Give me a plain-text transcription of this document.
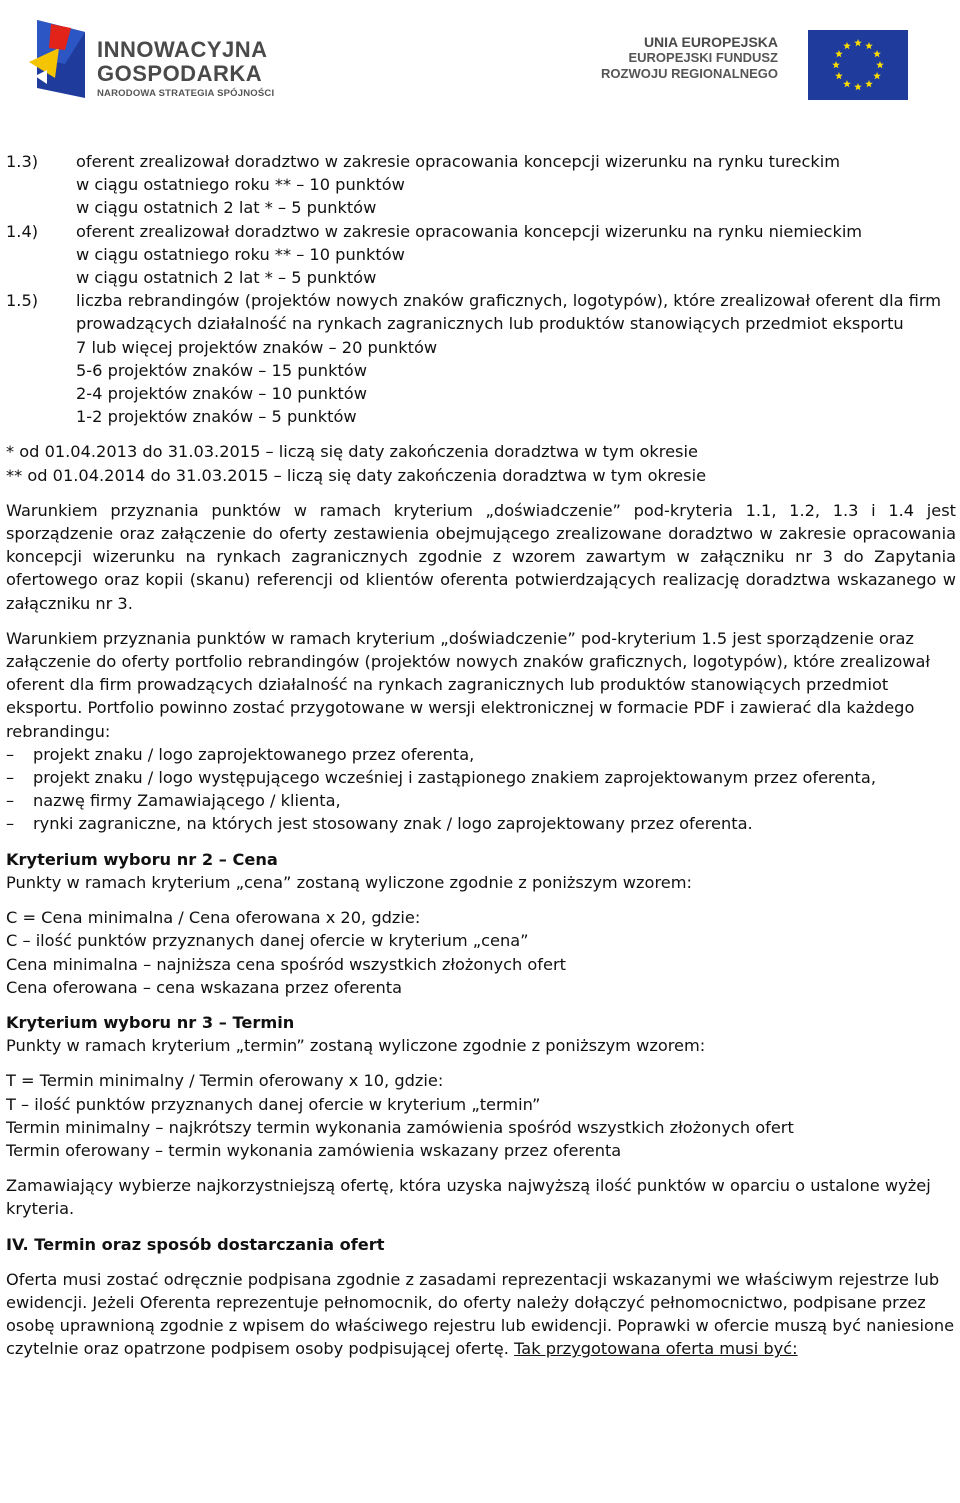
INNOWACYJNA
GOSPODARKA
NARODOWA STRATEGIA SPÓJNOŚCI
UNIA EUROPEJSKA
EUROPEJSKI FUNDUSZ
ROZWOJU REGIONALNEGO
1.3)	oferent zrealizował doradztwo w zakresie opracowania koncepcji wizerunku na rynku tureckim

w ciągu ostatniego roku ** – 10 punktów

w ciągu ostatnich 2 lat * – 5 punktów

1.4)	oferent zrealizował doradztwo w zakresie opracowania koncepcji wizerunku na rynku niemieckim

w ciągu ostatniego roku ** – 10 punktów

w ciągu ostatnich 2 lat * – 5 punktów

1.5)	liczba rebrandingów (projektów nowych znaków graficznych, logotypów), które zrealizował oferent dla firm prowadzących działalność na rynkach zagranicznych lub produktów stanowiących przedmiot eksportu

7 lub więcej projektów znaków – 20 punktów

5-6 projektów znaków – 15 punktów

2-4 projektów znaków – 10 punktów

1-2 projektów znaków – 5 punktów

* od 01.04.2013 do 31.03.2015 – liczą się daty zakończenia doradztwa w tym okresie

** od 01.04.2014 do 31.03.2015 – liczą się daty zakończenia doradztwa w tym okresie

Warunkiem przyznania punktów w ramach kryterium „doświadczenie” pod-kryteria 1.1, 1.2, 1.3 i 1.4 jest sporządzenie oraz załączenie do oferty zestawienia obejmującego zrealizowane doradztwo w zakresie opracowania koncepcji wizerunku na rynkach zagranicznych zgodnie z wzorem zawartym w załączniku nr 3 do Zapytania ofertowego oraz kopii (skanu) referencji od klientów oferenta potwierdzających realizację doradztwa wskazanego w załączniku nr 3.

Warunkiem przyznania punktów w ramach kryterium „doświadczenie” pod-kryterium 1.5 jest sporządzenie oraz załączenie do oferty portfolio rebrandingów (projektów nowych znaków graficznych, logotypów), które zrealizował oferent dla firm prowadzących działalność na rynkach zagranicznych lub produktów stanowiących przedmiot eksportu. Portfolio powinno zostać przygotowane w wersji elektronicznej w formacie PDF i zawierać dla każdego rebrandingu:

–	projekt znaku / logo zaprojektowanego przez oferenta,
–	projekt znaku / logo występującego wcześniej i zastąpionego znakiem zaprojektowanym przez oferenta,
–	nazwę firmy Zamawiającego / klienta,
–	rynki zagraniczne, na których jest stosowany znak / logo zaprojektowany przez oferenta.

Kryterium wyboru nr 2 – Cena

Punkty w ramach kryterium „cena” zostaną wyliczone zgodnie z poniższym wzorem:

C = Cena minimalna / Cena oferowana x 20, gdzie:

C – ilość punktów przyznanych danej ofercie w kryterium „cena”

Cena minimalna – najniższa cena spośród wszystkich złożonych ofert

Cena oferowana – cena wskazana przez oferenta

Kryterium wyboru nr 3 – Termin

Punkty w ramach kryterium „termin” zostaną wyliczone zgodnie z poniższym wzorem:

T = Termin minimalny / Termin oferowany x 10, gdzie:

T – ilość punktów przyznanych danej ofercie w kryterium „termin”

Termin minimalny – najkrótszy termin wykonania zamówienia spośród wszystkich złożonych ofert

Termin oferowany – termin wykonania zamówienia wskazany przez oferenta

Zamawiający wybierze najkorzystniejszą ofertę, która uzyska najwyższą ilość punktów w oparciu o ustalone wyżej kryteria.

IV. Termin oraz sposób dostarczania ofert

Oferta musi zostać odręcznie podpisana zgodnie z zasadami reprezentacji wskazanymi we właściwym rejestrze lub ewidencji. Jeżeli Oferenta reprezentuje pełnomocnik, do oferty należy dołączyć pełnomocnictwo, podpisane przez osobę uprawnioną zgodnie z wpisem do właściwego rejestru lub ewidencji. Poprawki w ofercie muszą być naniesione czytelnie oraz opatrzone podpisem osoby podpisującej ofertę. Tak przygotowana oferta musi być:
